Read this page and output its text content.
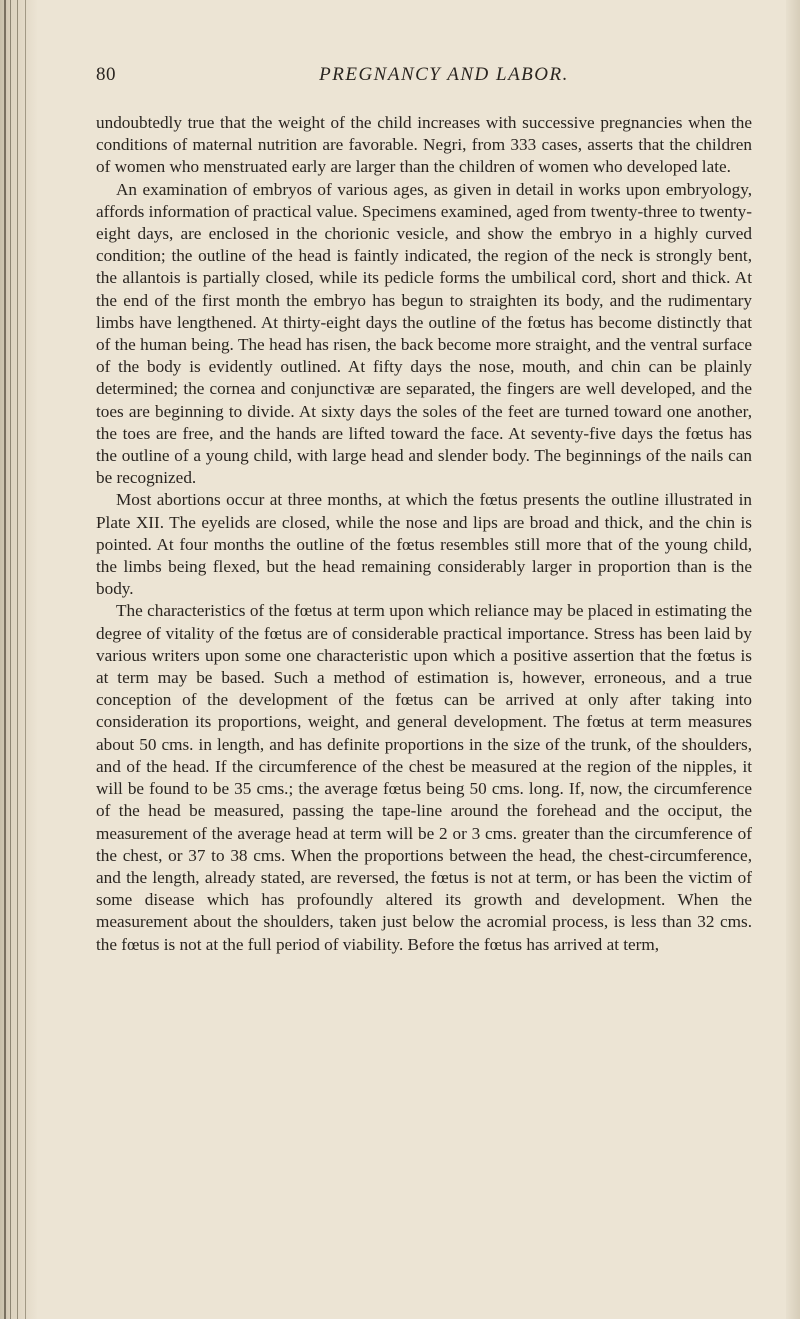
80	PREGNANCY AND LABOR.

undoubtedly true that the weight of the child increases with successive pregnancies when the conditions of maternal nutrition are favorable. Negri, from 333 cases, asserts that the children of women who menstruated early are larger than the children of women who developed late.

An examination of embryos of various ages, as given in detail in works upon embryology, affords information of practical value. Specimens examined, aged from twenty-three to twenty-eight days, are enclosed in the chorionic vesicle, and show the embryo in a highly curved condition; the outline of the head is faintly indicated, the region of the neck is strongly bent, the allantois is partially closed, while its pedicle forms the umbilical cord, short and thick. At the end of the first month the embryo has begun to straighten its body, and the rudimentary limbs have lengthened. At thirty-eight days the outline of the fœtus has become distinctly that of the human being. The head has risen, the back become more straight, and the ventral surface of the body is evidently outlined. At fifty days the nose, mouth, and chin can be plainly determined; the cornea and conjunctivæ are separated, the fingers are well developed, and the toes are beginning to divide. At sixty days the soles of the feet are turned toward one another, the toes are free, and the hands are lifted toward the face. At seventy-five days the fœtus has the outline of a young child, with large head and slender body. The beginnings of the nails can be recognized.

Most abortions occur at three months, at which the fœtus presents the outline illustrated in Plate XII. The eyelids are closed, while the nose and lips are broad and thick, and the chin is pointed. At four months the outline of the fœtus resembles still more that of the young child, the limbs being flexed, but the head remaining considerably larger in proportion than is the body.

The characteristics of the fœtus at term upon which reliance may be placed in estimating the degree of vitality of the fœtus are of considerable practical importance. Stress has been laid by various writers upon some one characteristic upon which a positive assertion that the fœtus is at term may be based. Such a method of estimation is, however, erroneous, and a true conception of the development of the fœtus can be arrived at only after taking into consideration its proportions, weight, and general development. The fœtus at term measures about 50 cms. in length, and has definite proportions in the size of the trunk, of the shoulders, and of the head. If the circumference of the chest be measured at the region of the nipples, it will be found to be 35 cms.; the average fœtus being 50 cms. long. If, now, the circumference of the head be measured, passing the tape-line around the forehead and the occiput, the measurement of the average head at term will be 2 or 3 cms. greater than the circumference of the chest, or 37 to 38 cms. When the proportions between the head, the chest-circumference, and the length, already stated, are reversed, the fœtus is not at term, or has been the victim of some disease which has profoundly altered its growth and development. When the measurement about the shoulders, taken just below the acromial process, is less than 32 cms. the fœtus is not at the full period of viability. Before the fœtus has arrived at term,
